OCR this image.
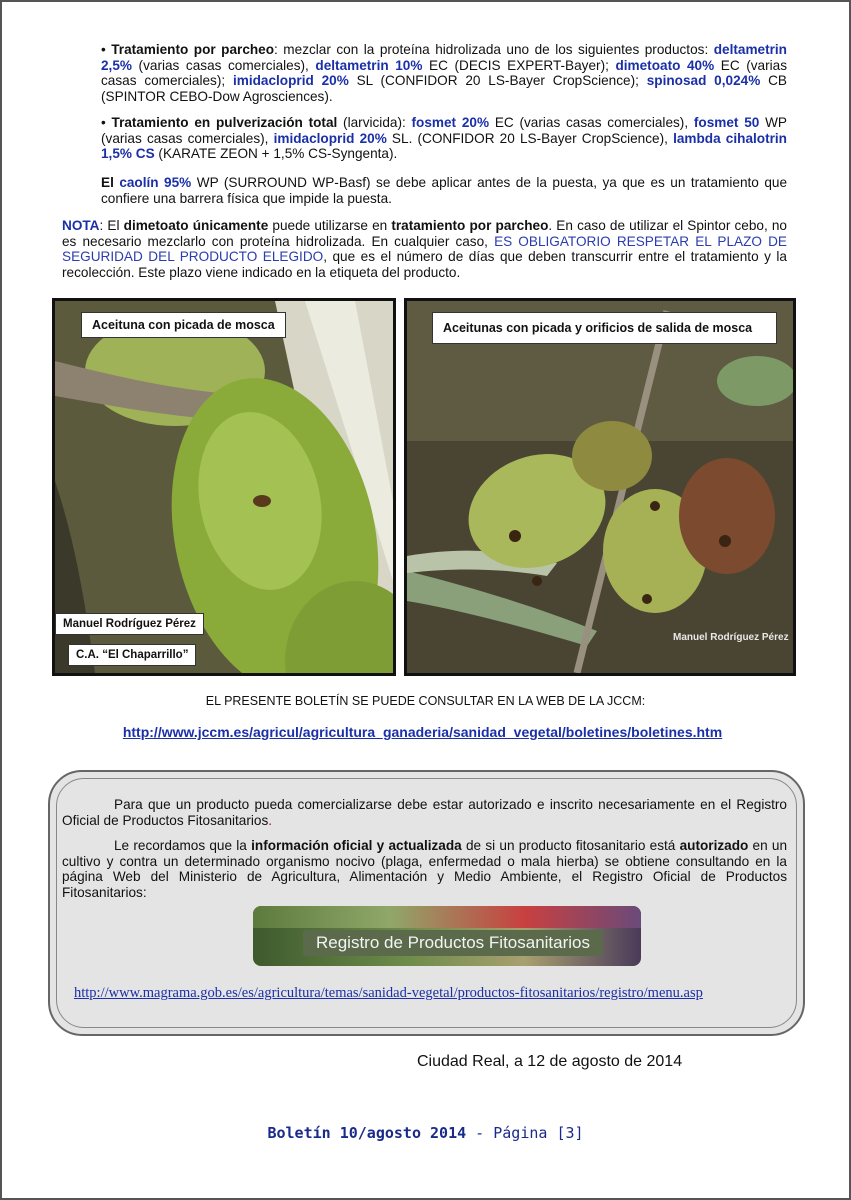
• Tratamiento por parcheo: mezclar con la proteína hidrolizada uno de los siguientes productos: deltametrin 2,5% (varias casas comerciales), deltametrin 10% EC (DECIS EXPERT-Bayer); dimetoato 40% EC (varias casas comerciales); imidacloprid 20% SL (CONFIDOR 20 LS-Bayer CropScience); spinosad 0,024% CB (SPINTOR CEBO-Dow Agrosciences).
• Tratamiento en pulverización total (larvicida): fosmet 20% EC (varias casas comerciales), fosmet 50 WP (varias casas comerciales), imidacloprid 20% SL. (CONFIDOR 20 LS-Bayer CropScience), lambda cihalotrin 1,5% CS (KARATE ZEON + 1,5% CS-Syngenta).
El caolín 95% WP (SURROUND WP-Basf) se debe aplicar antes de la puesta, ya que es un tratamiento que confiere una barrera física que impide la puesta.
NOTA: El dimetoato únicamente puede utilizarse en tratamiento por parcheo. En caso de utilizar el Spintor cebo, no es necesario mezclarlo con proteína hidrolizada. En cualquier caso, ES OBLIGATORIO RESPETAR EL PLAZO DE SEGURIDAD DEL PRODUCTO ELEGIDO, que es el número de días que deben transcurrir entre el tratamiento y la recolección. Este plazo viene indicado en la etiqueta del producto.
Aceituna con picada de mosca
Manuel Rodríguez Pérez
C.A. “El Chaparrillo”
Aceitunas con picada y orificios de salida de mosca
Manuel Rodríguez Pérez
EL PRESENTE BOLETÍN SE PUEDE CONSULTAR EN LA WEB DE LA JCCM:
http://www.jccm.es/agricul/agricultura_ganaderia/sanidad_vegetal/boletines/boletines.htm
Para que un producto pueda comercializarse debe estar autorizado e inscrito necesariamente en el Registro Oficial de Productos Fitosanitarios.
Le recordamos que la información oficial y actualizada de si un producto fitosanitario está autorizado en un cultivo y contra un determinado organismo nocivo (plaga, enfermedad o mala hierba) se obtiene consultando en la página Web del Ministerio de Agricultura, Alimentación y Medio Ambiente, el Registro Oficial de Productos Fitosanitarios:
Registro de Productos Fitosanitarios
http://www.magrama.gob.es/es/agricultura/temas/sanidad-vegetal/productos-fitosanitarios/registro/menu.asp
Ciudad Real, a 12 de agosto de 2014
Boletín 10/agosto 2014 - Página [3]
